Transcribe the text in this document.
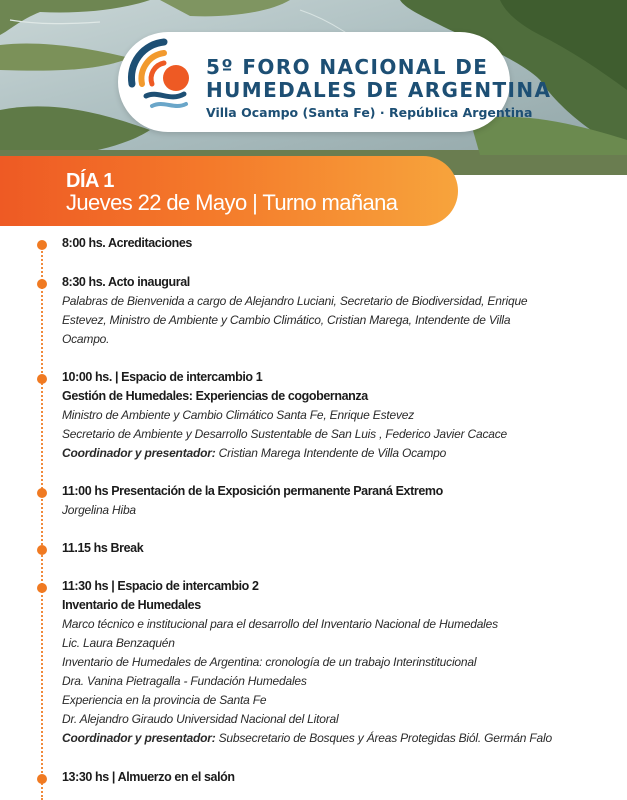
5º FORO NACIONAL DE
HUMEDALES DE ARGENTINA
Villa Ocampo (Santa Fe) · República Argentina
DÍA 1
Jueves 22 de Mayo | Turno mañana
8:00 hs. Acreditaciones
8:30 hs. Acto inaugural
Palabras de Bienvenida a cargo de Alejandro Luciani, Secretario de Biodiversidad, Enrique Estevez, Ministro de Ambiente y Cambio Climático, Cristian Marega, Intendente de Villa Ocampo.
10:00 hs. | Espacio de intercambio 1
Gestión de Humedales: Experiencias de cogobernanza
Ministro de Ambiente y Cambio Climático Santa Fe, Enrique Estevez
Secretario de Ambiente y Desarrollo Sustentable de San Luis , Federico Javier Cacace
Coordinador y presentador: Cristian Marega Intendente de Villa Ocampo
11:00 hs Presentación de la Exposición permanente Paraná Extremo
Jorgelina Hiba
11.15 hs Break
11:30 hs | Espacio de intercambio 2
Inventario de Humedales
Marco técnico e institucional para el desarrollo del Inventario Nacional de Humedales
Lic. Laura Benzaquén
Inventario de Humedales de Argentina: cronología de un trabajo Interinstitucional
Dra. Vanina Pietragalla - Fundación Humedales
Experiencia en la provincia de Santa Fe
Dr. Alejandro Giraudo Universidad Nacional del Litoral
Coordinador y presentador: Subsecretario de Bosques y Áreas Protegidas Biól. Germán Falo
13:30 hs | Almuerzo en el salón
